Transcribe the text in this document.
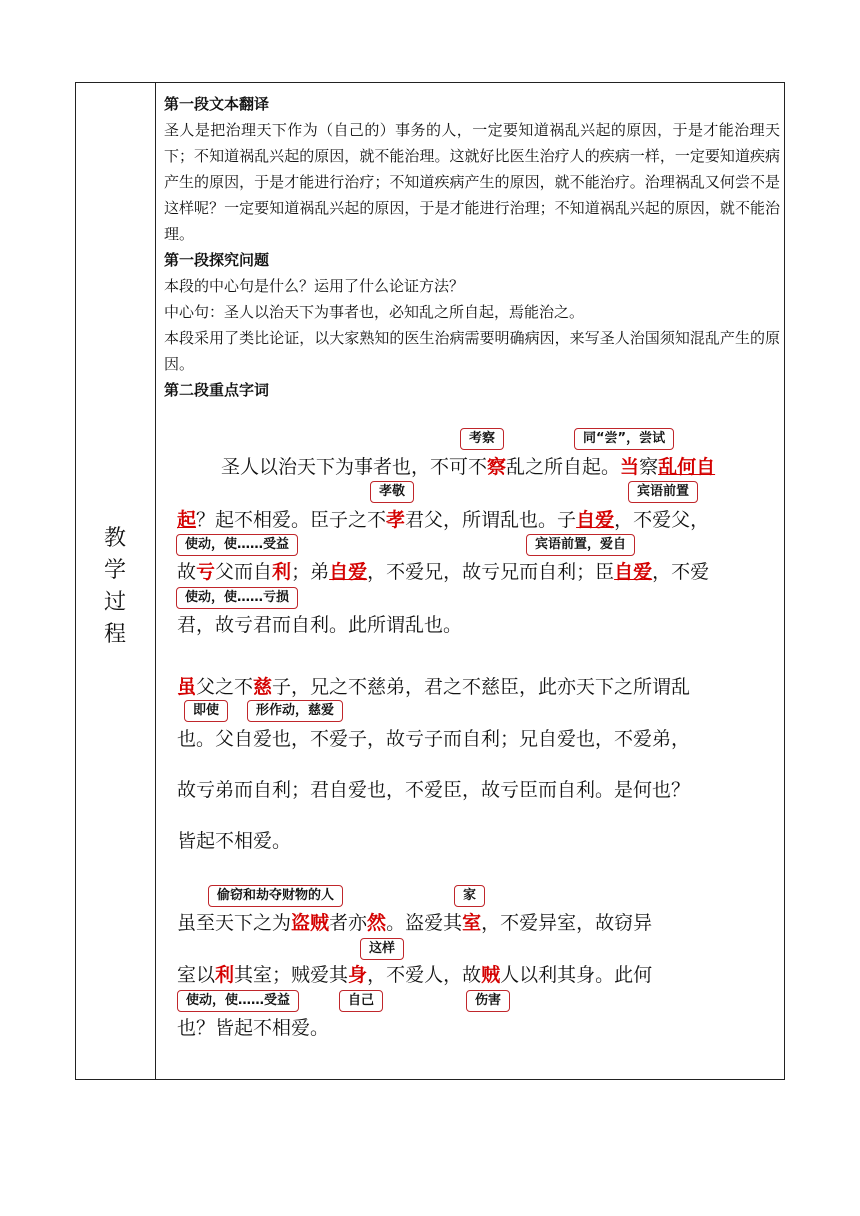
教
学
过
程
第一段文本翻译
圣人是把治理天下作为（自己的）事务的人，一定要知道祸乱兴起的原因，于是才能治理天下；不知道祸乱兴起的原因，就不能治理。这就好比医生治疗人的疾病一样，一定要知道疾病产生的原因，于是才能进行治疗；不知道疾病产生的原因，就不能治疗。治理祸乱又何尝不是这样呢？一定要知道祸乱兴起的原因，于是才能进行治理；不知道祸乱兴起的原因，就不能治理。
第一段探究问题
本段的中心句是什么？运用了什么论证方法？
中心句：圣人以治天下为事者也，必知乱之所自起，焉能治之。
本段采用了类比论证，以大家熟知的医生治病需要明确病因，来写圣人治国须知混乱产生的原因。
第二段重点字词
考察	同“尝”，尝试
圣人以治天下为事者也，不可不察乱之所自起。当察乱何自
孝敬	宾语前置
起？起不相爱。臣子之不孝君父，所谓乱也。子自爱，不爱父，
使动，使……受益	宾语前置，爱自
故亏父而自利；弟自爱，不爱兄，故亏兄而自利；臣自爱，不爱
使动，使……亏损
君，故亏君而自利。此所谓乱也。
虽父之不慈子，兄之不慈弟，君之不慈臣，此亦天下之所谓乱
即使	形作动，慈爱
也。父自爱也，不爱子，故亏子而自利；兄自爱也，不爱弟，
故亏弟而自利；君自爱也，不爱臣，故亏臣而自利。是何也？
皆起不相爱。
偷窃和劫夺财物的人	家
虽至天下之为盗贼者亦然。盗爱其室，不爱异室，故窃异
这样
室以利其室；贼爱其身，不爱人，故贼人以利其身。此何
使动，使……受益	自己	伤害
也？皆起不相爱。
